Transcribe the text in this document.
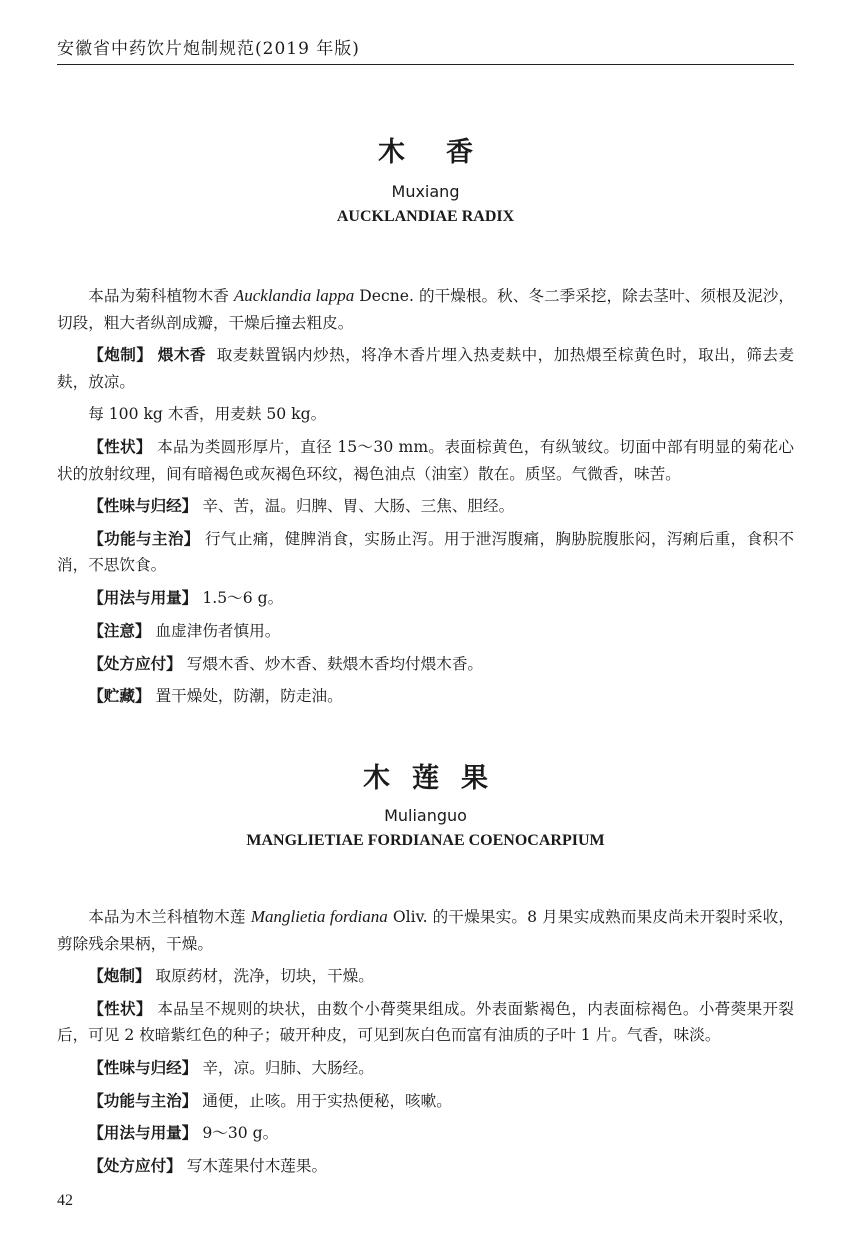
安徽省中药饮片炮制规范(2019 年版)
木 香
Muxiang
AUCKLANDIAE RADIX

本品为菊科植物木香 Aucklandia lappa Decne. 的干燥根。秋、冬二季采挖，除去茎叶、须根及泥沙，切段，粗大者纵剖成瓣，干燥后撞去粗皮。

【炮制】 煨木香 取麦麸置锅内炒热，将净木香片埋入热麦麸中，加热煨至棕黄色时，取出，筛去麦麸，放凉。

每 100 kg 木香，用麦麸 50 kg。

【性状】 本品为类圆形厚片，直径 15～30 mm。表面棕黄色，有纵皱纹。切面中部有明显的菊花心状的放射纹理，间有暗褐色或灰褐色环纹，褐色油点（油室）散在。质坚。气微香，味苦。

【性味与归经】 辛、苦，温。归脾、胃、大肠、三焦、胆经。

【功能与主治】 行气止痛，健脾消食，实肠止泻。用于泄泻腹痛，胸胁脘腹胀闷，泻痢后重，食积不消，不思饮食。

【用法与用量】 1.5～6 g。

【注意】 血虚津伤者慎用。

【处方应付】 写煨木香、炒木香、麸煨木香均付煨木香。

【贮藏】 置干燥处，防潮，防走油。

木 莲 果
Mulianguo
MANGLIETIAE FORDIANAE COENOCARPIUM

本品为木兰科植物木莲 Manglietia fordiana Oliv. 的干燥果实。8 月果实成熟而果皮尚未开裂时采收，剪除残余果柄，干燥。

【炮制】 取原药材，洗净，切块，干燥。

【性状】 本品呈不规则的块状，由数个小蓇葖果组成。外表面紫褐色，内表面棕褐色。小蓇葖果开裂后，可见 2 枚暗紫红色的种子；破开种皮，可见到灰白色而富有油质的子叶 1 片。气香，味淡。

【性味与归经】 辛，凉。归肺、大肠经。

【功能与主治】 通便，止咳。用于实热便秘，咳嗽。

【用法与用量】 9～30 g。

【处方应付】 写木莲果付木莲果。

42
